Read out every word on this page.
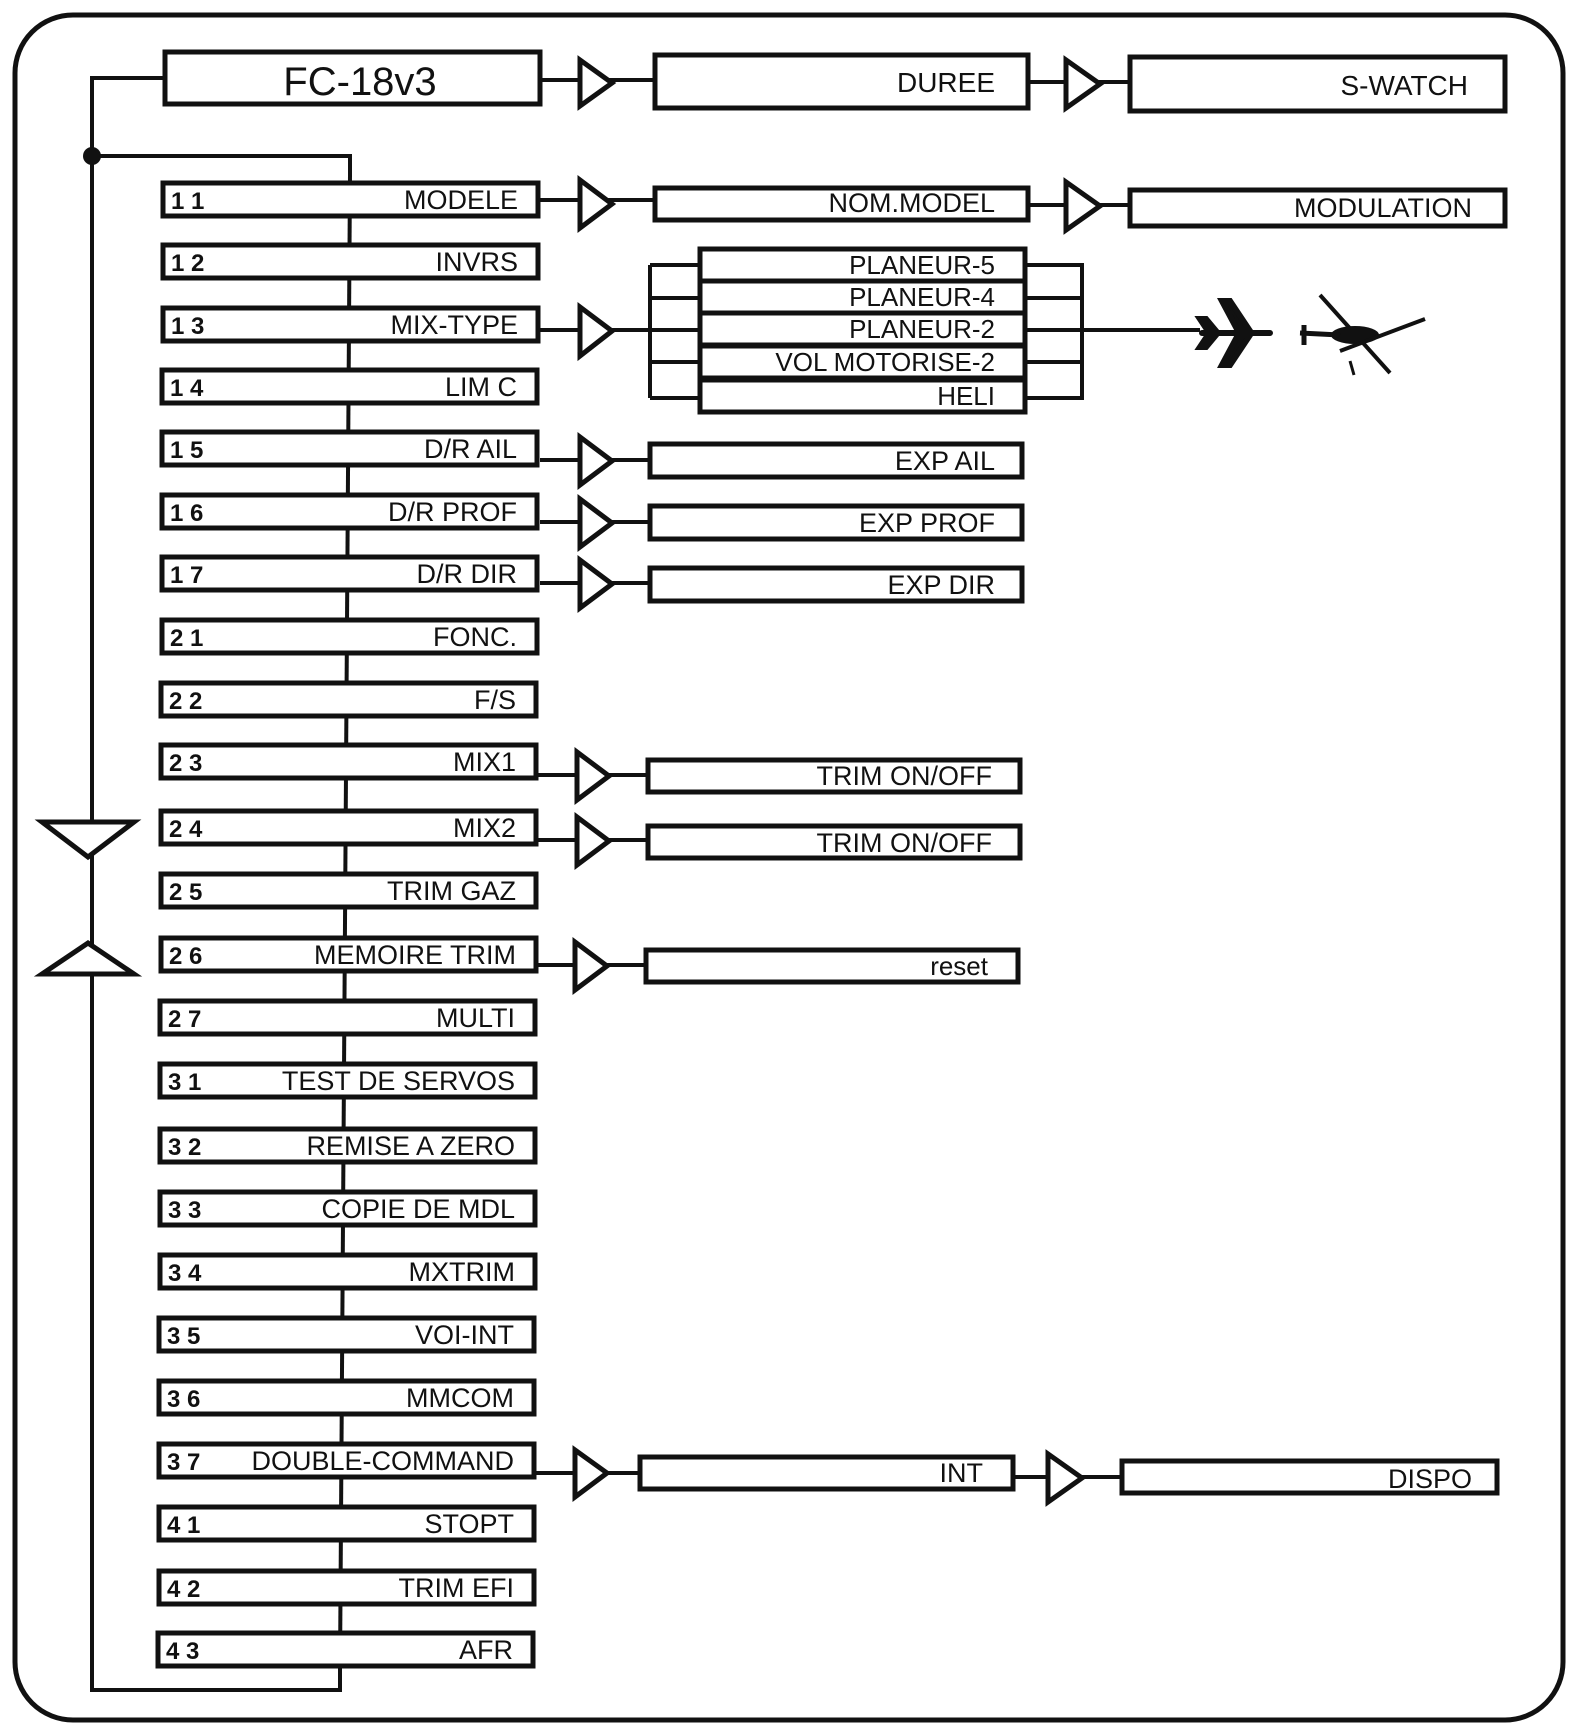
FC-18v3	DUREE	S-WATCH
1 1	MODELE
1 2	INVRS
1 3	MIX-TYPE
1 4	LIM C
1 5	D/R AIL
1 6	D/R PROF
1 7	D/R DIR
2 1	FONC.
2 2	F/S
2 3	MIX1
2 4	MIX2
2 5	TRIM GAZ
2 6	MEMOIRE TRIM
2 7	MULTI
3 1	TEST DE SERVOS
3 2	REMISE A ZERO
3 3	COPIE DE MDL
3 4	MXTRIM
3 5	VOI-INT
3 6	MMCOM
3 7 DOUBLE-COMMAND
4 1	STOPT
4 2	TRIM EFI
4 3	AFR
NOM.MODEL	MODULATION
PLANEUR-5
PLANEUR-4
PLANEUR-2
VOL MOTORISE-2
HELI
EXP AIL
EXP PROF
EXP DIR
TRIM ON/OFF
TRIM ON/OFF
reset
INT	DISPO
